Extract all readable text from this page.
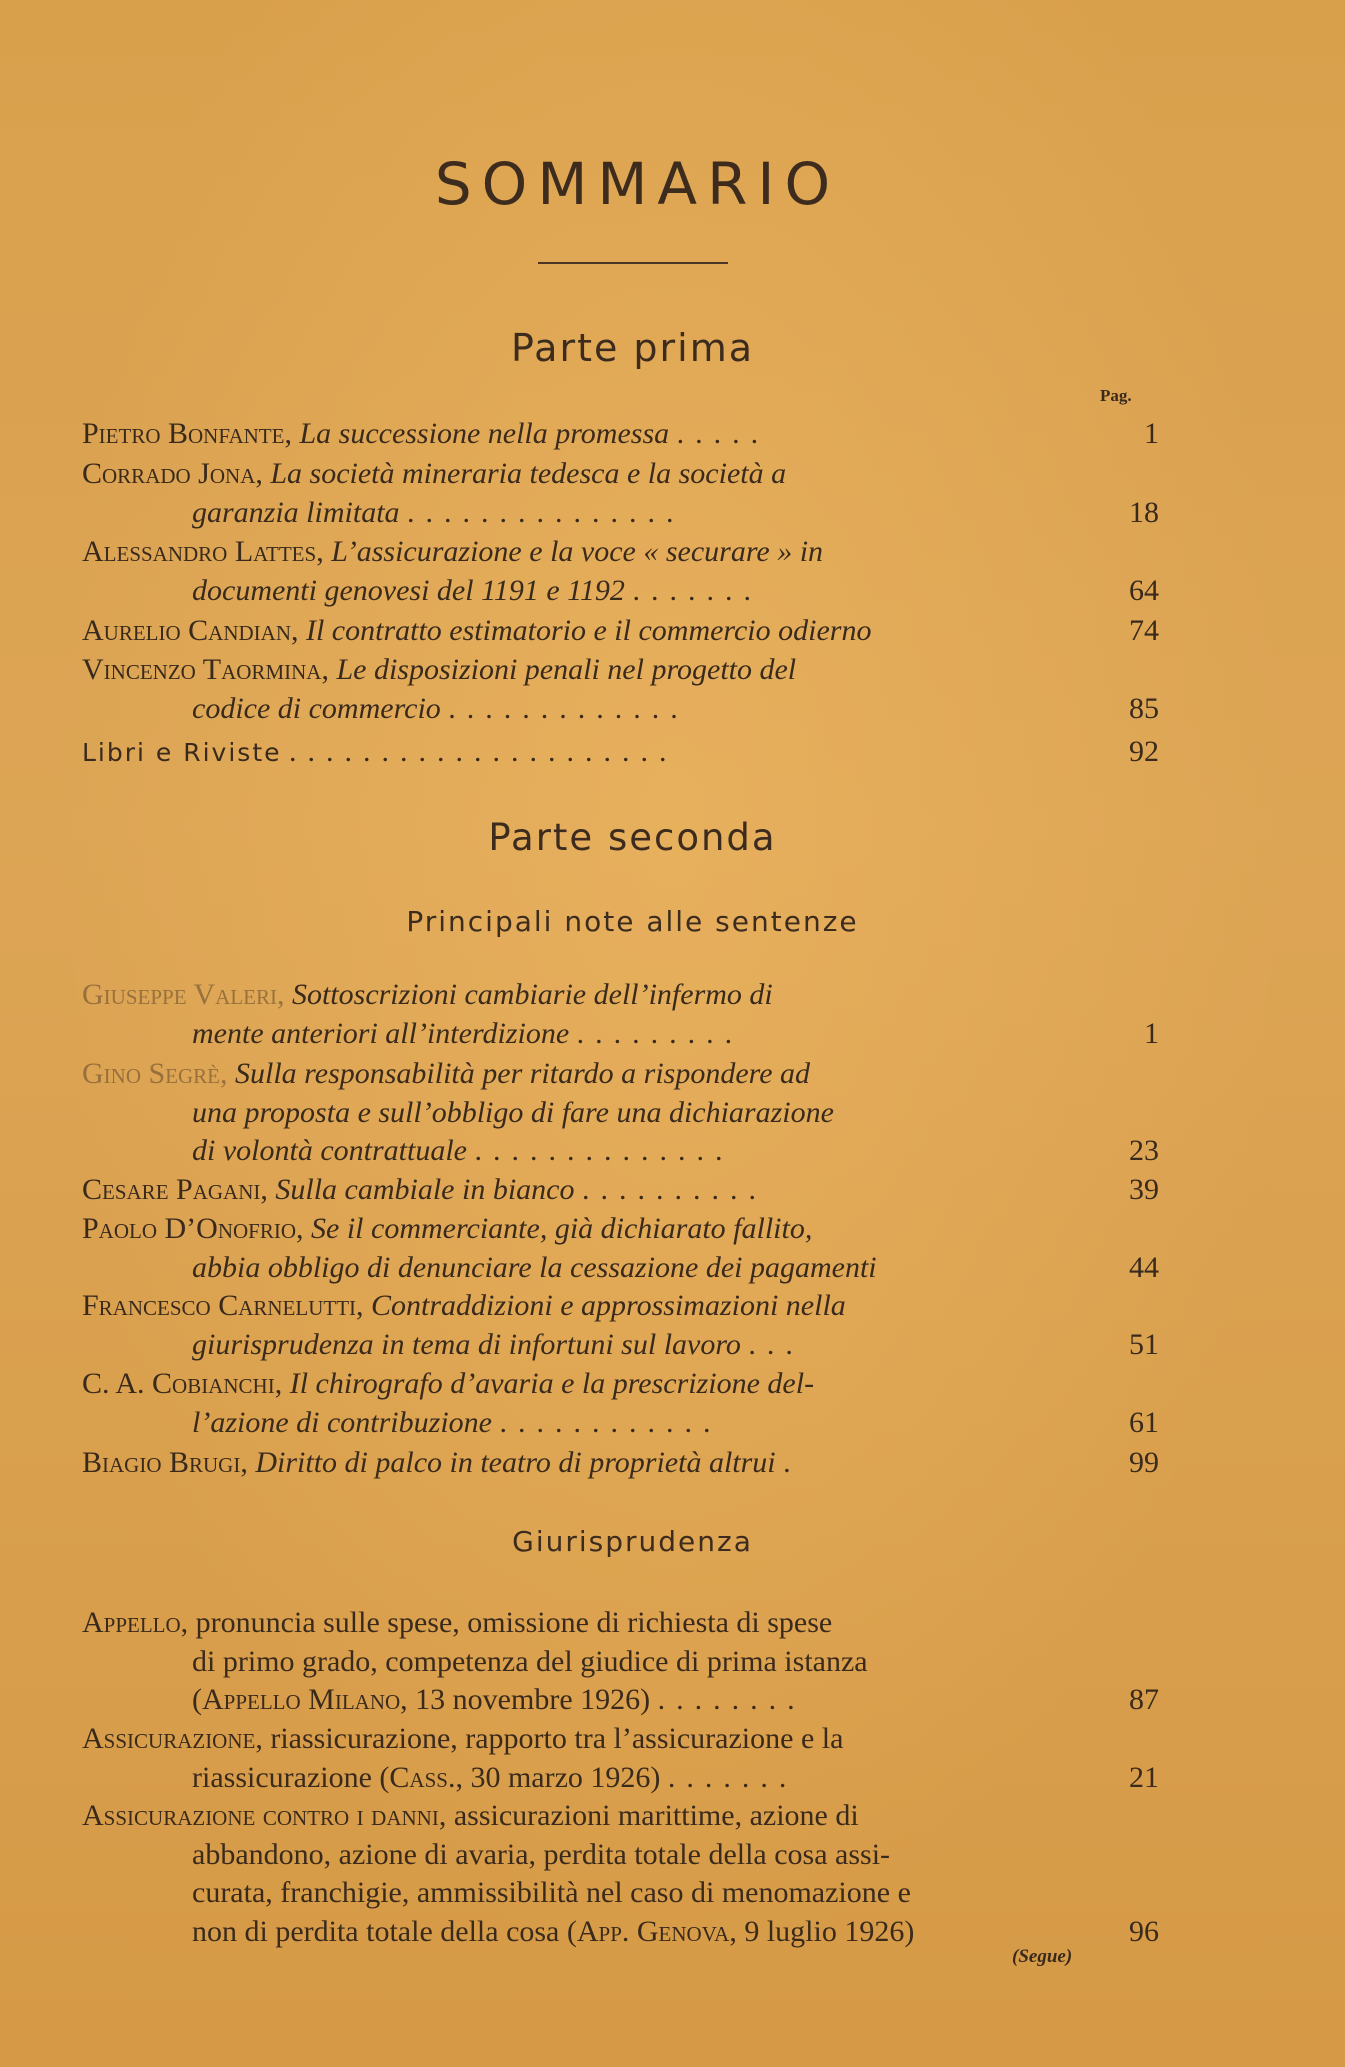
SOMMARIO
Parte prima
Pag.
Pietro Bonfante, La successione nella promessa .....	1
Corrado Jona, La società mineraria tedesca e la società a
garanzia limitata ...............	18
Alessandro Lattes, L’assicurazione e la voce « securare » in
documenti genovesi del 1191 e 1192 .......	64
Aurelio Candian, Il contratto estimatorio e il commercio odierno	74
Vincenzo Taormina, Le disposizioni penali nel progetto del
codice di commercio .............	85
Libri e Riviste .....................	92
Parte seconda
Principali note alle sentenze
Giuseppe Valeri, Sottoscrizioni cambiarie dell’infermo di
mente anteriori all’interdizione .........	1
Gino Segrè, Sulla responsabilità per ritardo a rispondere ad
una proposta e sull’obbligo di fare una dichiarazione
di volontà contrattuale ..............	23
Cesare Pagani, Sulla cambiale in bianco ..........	39
Paolo D’Onofrio, Se il commerciante, già dichiarato fallito,
abbia obbligo di denunciare la cessazione dei pagamenti	44
Francesco Carnelutti, Contraddizioni e approssimazioni nella
giurisprudenza in tema di infortuni sul lavoro ...	51
C. A. Cobianchi, Il chirografo d’avaria e la prescrizione del-
l’azione di contribuzione ............	61
Biagio Brugi, Diritto di palco in teatro di proprietà altrui .	99
Giurisprudenza
Appello, pronuncia sulle spese, omissione di richiesta di spese
di primo grado, competenza del giudice di prima istanza
(Appello Milano, 13 novembre 1926) ........	87
Assicurazione, riassicurazione, rapporto tra l’assicurazione e la
riassicurazione (Cass., 30 marzo 1926) .......	21
Assicurazione contro i danni, assicurazioni marittime, azione di
abbandono, azione di avaria, perdita totale della cosa assi-
curata, franchigie, ammissibilità nel caso di menomazione e
non di perdita totale della cosa (App. Genova, 9 luglio 1926)	96
(Segue)
